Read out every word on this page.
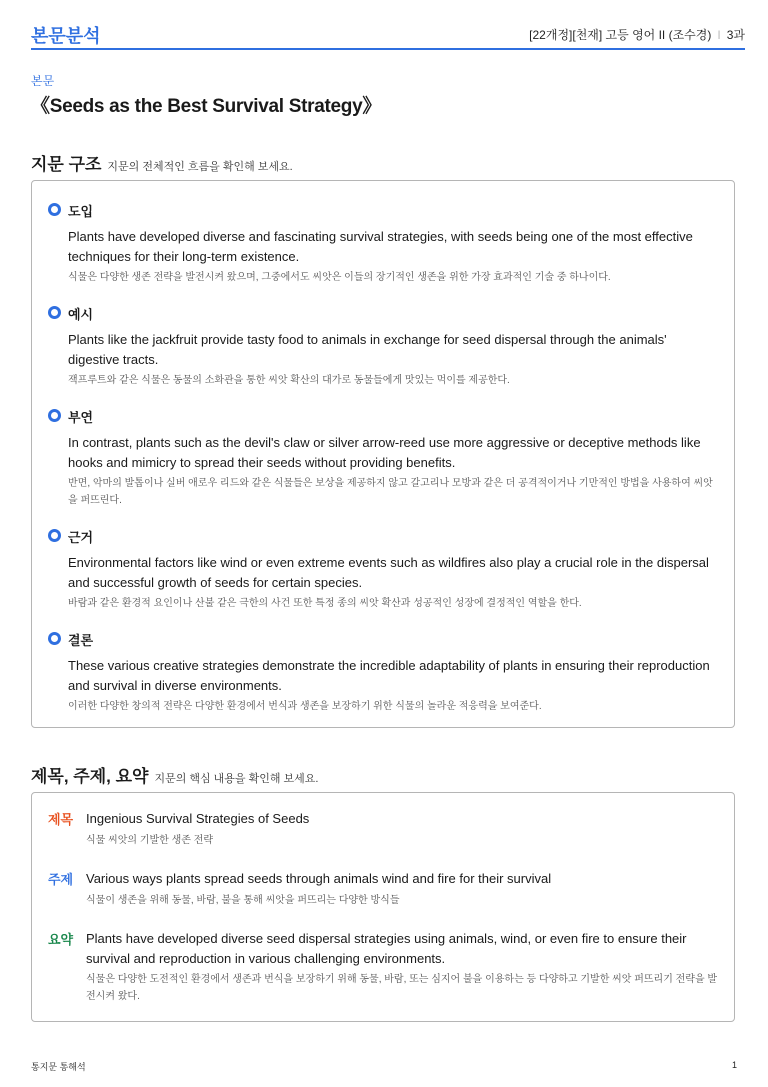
본문분석	[22개정][천재] 고등 영어 II (조수경) I 3과
본문
《Seeds as the Best Survival Strategy》
지문 구조 지문의 전체적인 흐름을 확인해 보세요.
도입
Plants have developed diverse and fascinating survival strategies, with seeds being one of the most effective techniques for their long-term existence.
식물은 다양한 생존 전략을 발전시켜 왔으며, 그중에서도 씨앗은 이들의 장기적인 생존을 위한 가장 효과적인 기술 중 하나이다.
예시
Plants like the jackfruit provide tasty food to animals in exchange for seed dispersal through the animals' digestive tracts.
잭프루트와 같은 식물은 동물의 소화관을 통한 씨앗 확산의 대가로 동물들에게 맛있는 먹이를 제공한다.
부연
In contrast, plants such as the devil's claw or silver arrow-reed use more aggressive or deceptive methods like hooks and mimicry to spread their seeds without providing benefits.
반면, 악마의 발톱이나 실버 애로우 리드와 같은 식물들은 보상을 제공하지 않고 갈고리나 모방과 같은 더 공격적이거나 기만적인 방법을 사용하여 씨앗을 퍼뜨린다.
근거
Environmental factors like wind or even extreme events such as wildfires also play a crucial role in the dispersal and successful growth of seeds for certain species.
바람과 같은 환경적 요인이나 산불 같은 극한의 사건 또한 특정 종의 씨앗 확산과 성공적인 성장에 결정적인 역할을 한다.
결론
These various creative strategies demonstrate the incredible adaptability of plants in ensuring their reproduction and survival in diverse environments.
이러한 다양한 창의적 전략은 다양한 환경에서 번식과 생존을 보장하기 위한 식물의 놀라운 적응력을 보여준다.
제목, 주제, 요약 지문의 핵심 내용을 확인해 보세요.
제목 Ingenious Survival Strategies of Seeds
식물 씨앗의 기발한 생존 전략
주제 Various ways plants spread seeds through animals wind and fire for their survival
식물이 생존을 위해 동물, 바람, 불을 통해 씨앗을 퍼뜨리는 다양한 방식들
요약 Plants have developed diverse seed dispersal strategies using animals, wind, or even fire to ensure their survival and reproduction in various challenging environments.
식물은 다양한 도전적인 환경에서 생존과 번식을 보장하기 위해 동물, 바람, 또는 심지어 불을 이용하는 등 다양하고 기발한 씨앗 퍼뜨리기 전략을 발전시켜 왔다.
통지문 통해석	1
